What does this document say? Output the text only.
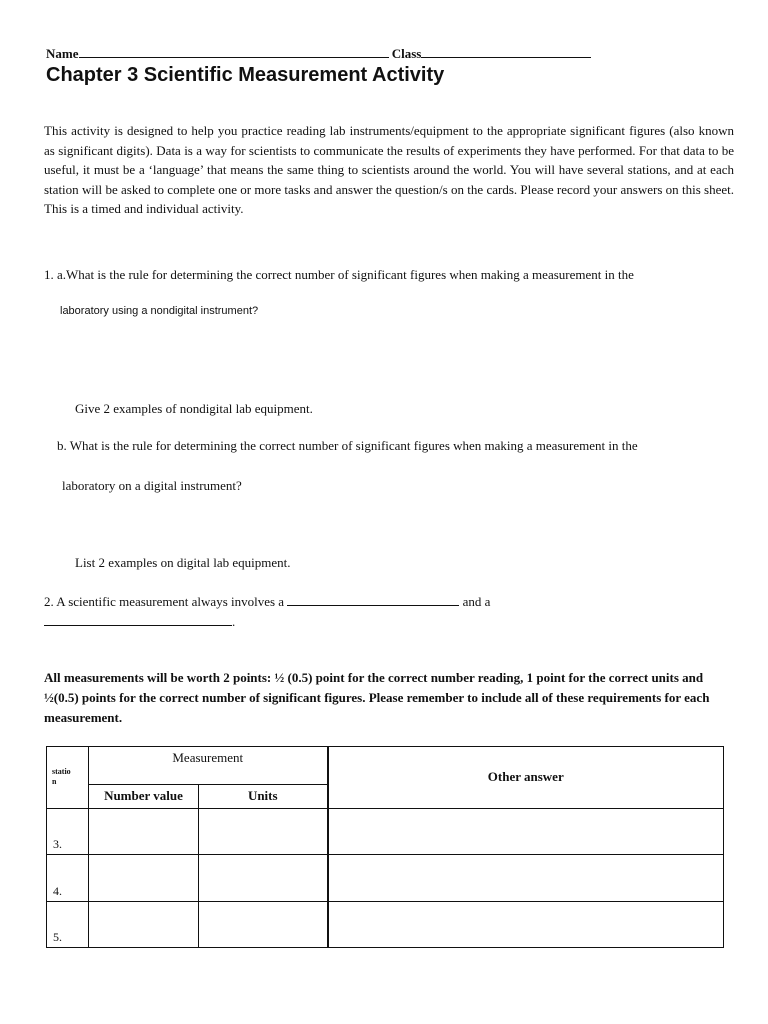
Name	Class
Chapter 3 Scientific Measurement Activity
This activity is designed to help you practice reading lab instruments/equipment to the appropriate significant figures (also known as significant digits). Data is a way for scientists to communicate the results of experiments they have performed. For that data to be useful, it must be a ‘language’ that means the same thing to scientists around the world. You will have several stations, and at each station will be asked to complete one or more tasks and answer the question/s on the cards. Please record your answers on this sheet. This is a timed and individual activity.
1. a.What is the rule for determining the correct number of significant figures when making a measurement in the
laboratory using a nondigital instrument?
Give 2 examples of nondigital lab equipment.
b. What is the rule for determining the correct number of significant figures when making a measurement in the
laboratory on a digital instrument?
List 2 examples on digital lab equipment.
2. A scientific measurement always involves a	and a
.
All measurements will be worth 2 points: ½ (0.5) point for the correct number reading, 1 point for the correct units and ½(0.5) points for the correct number of significant figures. Please remember to include all of these requirements for each measurement.
station	Measurement		Other answer
	Number value	Units	
3.			
4.			
5.			
